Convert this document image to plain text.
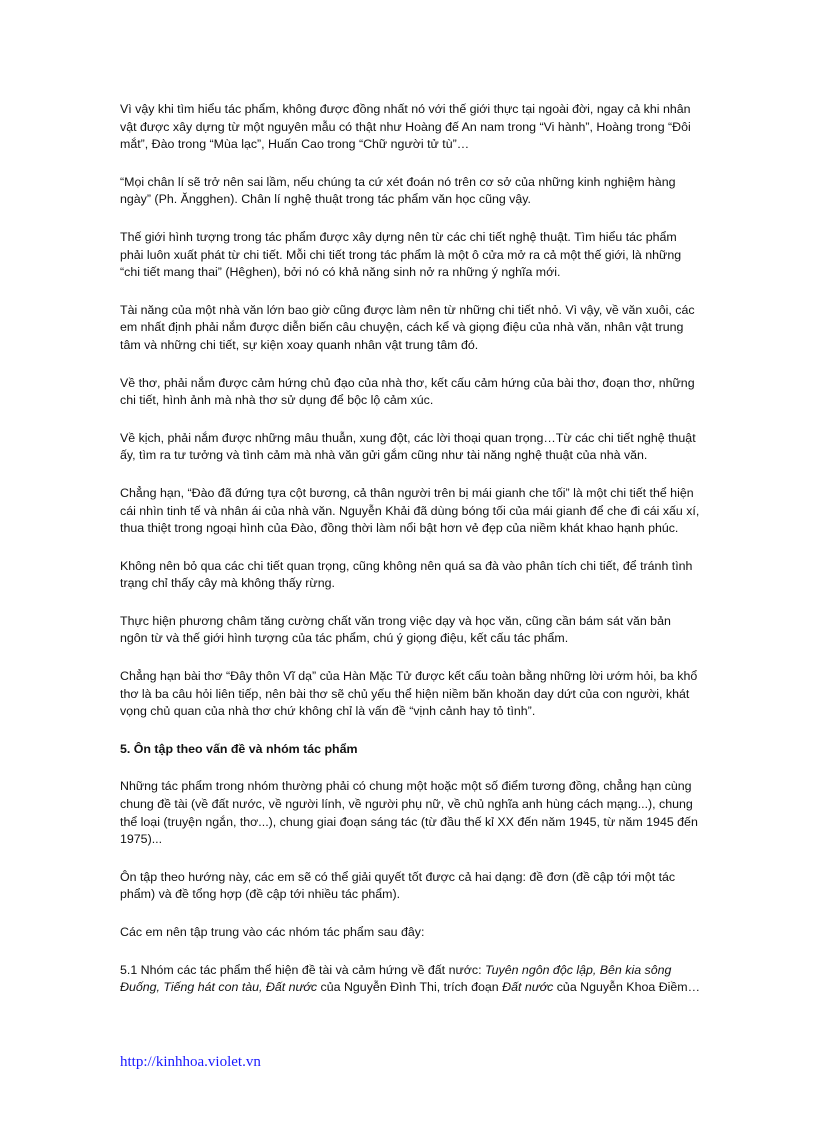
Vì vậy khi tìm hiểu tác phẩm, không được đồng nhất nó với thế giới thực tại ngoài đời, ngay cả khi nhân vật được xây dựng từ một nguyên mẫu có thật như Hoàng đế An nam trong “Vi hành”, Hoàng trong “Đôi mắt”, Đào trong “Mùa lạc”, Huấn Cao trong “Chữ người tử tù”…

“Mọi chân lí sẽ trở nên sai lầm, nếu chúng ta cứ xét đoán nó trên cơ sở của những kinh nghiệm hàng ngày” (Ph. Ăngghen). Chân lí nghệ thuật trong tác phẩm văn học cũng vậy.

Thế giới hình tượng trong tác phẩm được xây dựng nên từ các chi tiết nghệ thuật. Tìm hiểu tác phẩm phải luôn xuất phát từ chi tiết. Mỗi chi tiết trong tác phẩm là một ô cửa mở ra cả một thế giới, là những “chi tiết mang thai” (Hêghen), bởi nó có khả năng sinh nở ra những ý nghĩa mới.

Tài năng của một nhà văn lớn bao giờ cũng được làm nên từ những chi tiết nhỏ. Vì vậy, về văn xuôi, các em nhất định phải nắm được diễn biến câu chuyện, cách kể và giọng điệu của nhà văn, nhân vật trung tâm và những chi tiết, sự kiện xoay quanh nhân vật trung tâm đó.

Về thơ, phải nắm được cảm hứng chủ đạo của nhà thơ, kết cấu cảm hứng của bài thơ, đoạn thơ, những chi tiết, hình ảnh mà nhà thơ sử dụng để bộc lộ cảm xúc.

Về kịch, phải nắm được những mâu thuẫn, xung đột, các lời thoại quan trọng…Từ các chi tiết nghệ thuật ấy, tìm ra tư tưởng và tình cảm mà nhà văn gửi gắm cũng như tài năng nghệ thuật của nhà văn.

Chẳng hạn, “Đào đã đứng tựa cột bương, cả thân người trên bị mái gianh che tối” là một chi tiết thể hiện cái nhìn tinh tế và nhân ái của nhà văn. Nguyễn Khải đã dùng bóng tối của mái gianh để che đi cái xấu xí, thua thiệt trong ngoại hình của Đào, đồng thời làm nổi bật hơn vẻ đẹp của niềm khát khao hạnh phúc.

Không nên bỏ qua các chi tiết quan trọng, cũng không nên quá sa đà vào phân tích chi tiết, để tránh tình trạng chỉ thấy cây mà không thấy rừng.

Thực hiện phương châm tăng cường chất văn trong việc dạy và học văn, cũng cần bám sát văn bản ngôn từ và thế giới hình tượng của tác phẩm, chú ý giọng điệu, kết cấu tác phẩm.

Chẳng hạn bài thơ “Đây thôn Vĩ dạ” của Hàn Mặc Tử được kết cấu toàn bằng những lời ướm hỏi, ba khổ thơ là ba câu hỏi liên tiếp, nên bài thơ sẽ chủ yếu thể hiện niềm băn khoăn day dứt của con người, khát vọng chủ quan của nhà thơ chứ không chỉ là vấn đề “vịnh cảnh hay tỏ tình”.

5. Ôn tập theo vấn đề và nhóm tác phẩm

Những tác phẩm trong nhóm thường phải có chung một hoặc một số điểm tương đồng, chẳng hạn cùng chung đề tài (về đất nước, về người lính, về người phụ nữ, về chủ nghĩa anh hùng cách mạng...), chung thể loại (truyện ngắn, thơ...), chung giai đoạn sáng tác (từ đầu thế kỉ XX đến năm 1945, từ năm 1945 đến 1975)...

Ôn tập theo hướng này, các em sẽ có thể giải quyết tốt được cả hai dạng: đề đơn (đề cập tới một tác phẩm) và đề tổng hợp (đề cập tới nhiều tác phẩm).

Các em nên tập trung vào các nhóm tác phẩm sau đây:

5.1 Nhóm các tác phẩm thể hiện đề tài và cảm hứng về đất nước: Tuyên ngôn độc lập, Bên kia sông Đuống, Tiếng hát con tàu, Đất nước của Nguyễn Đình Thi, trích đoạn Đất nước của Nguyễn Khoa Điềm…

http://kinhhoa.violet.vn
